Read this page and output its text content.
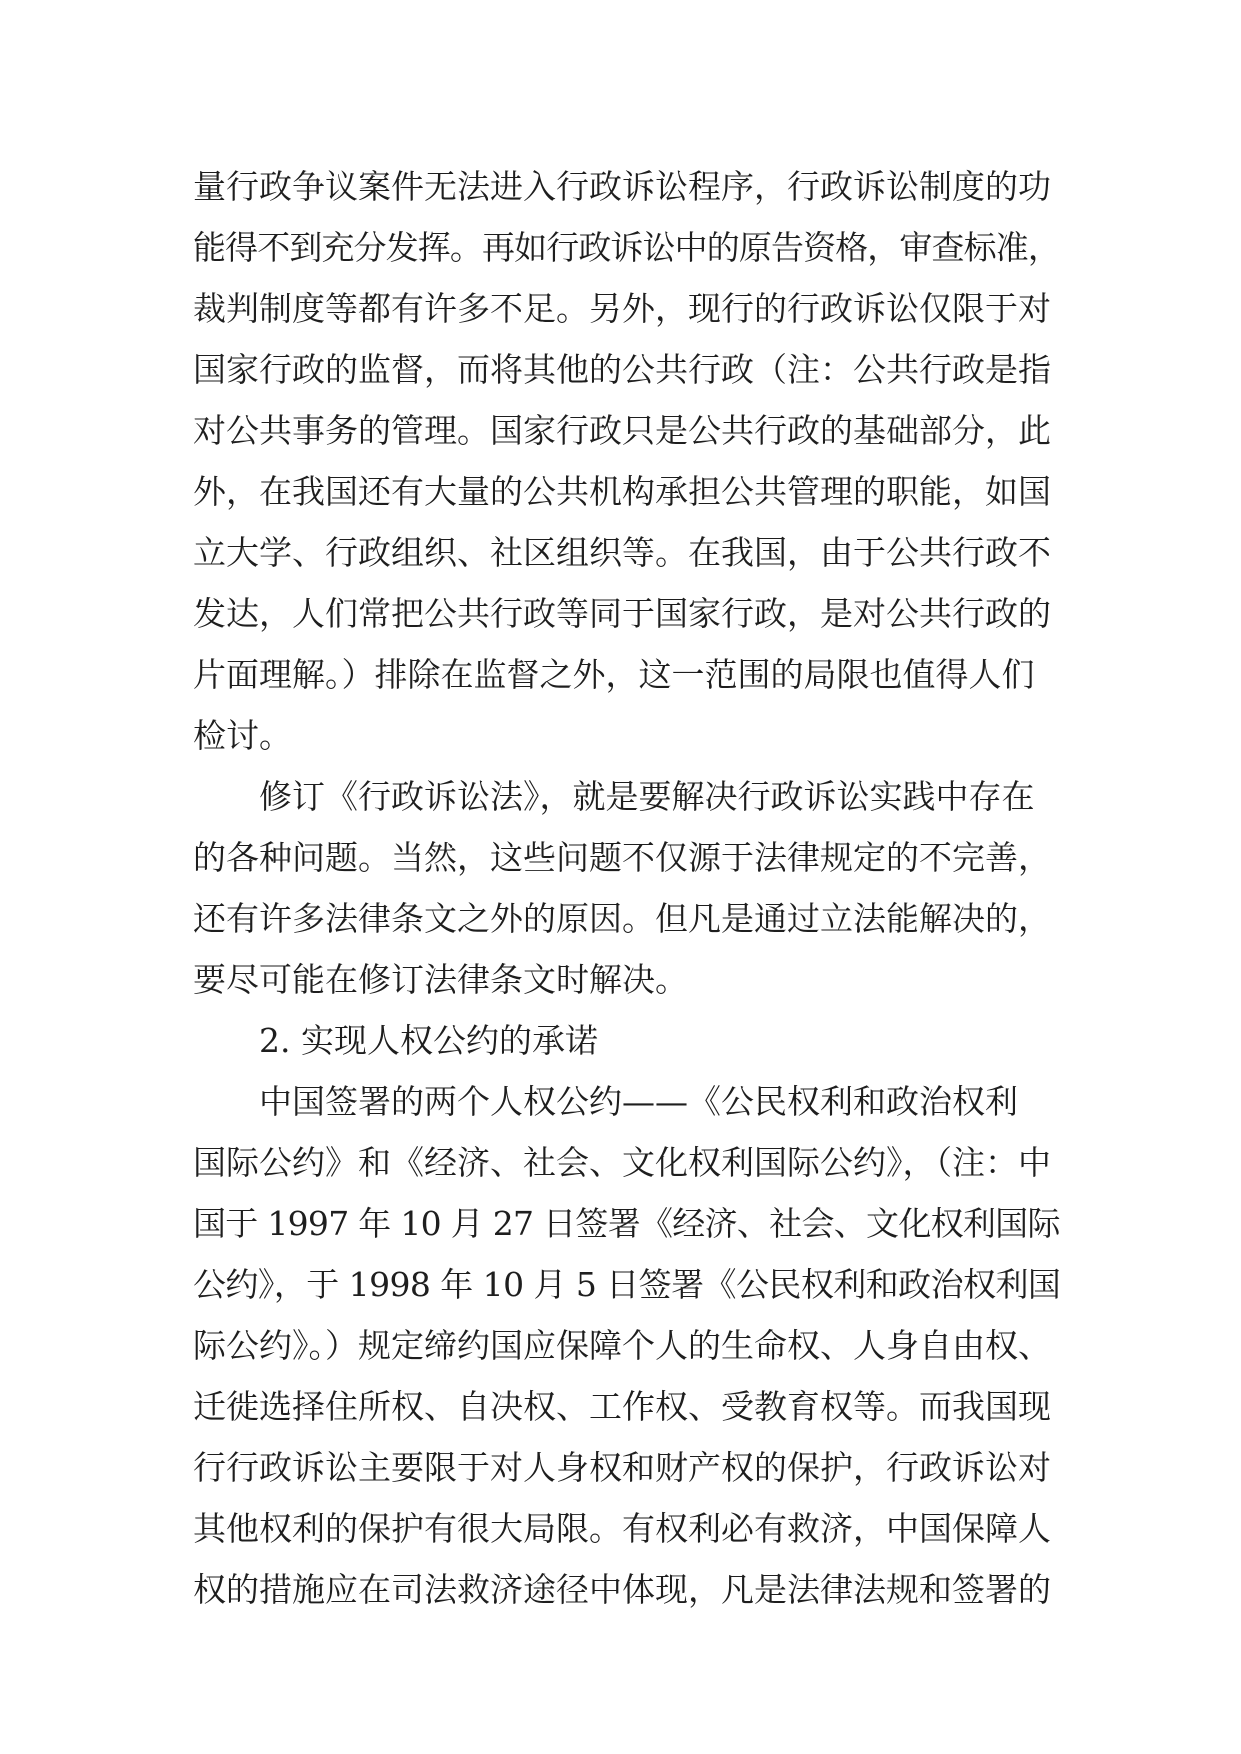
量行政争议案件无法进入行政诉讼程序，行政诉讼制度的功
能得不到充分发挥。再如行政诉讼中的原告资格，审查标准，
裁判制度等都有许多不足。另外，现行的行政诉讼仅限于对
国家行政的监督，而将其他的公共行政（注：公共行政是指
对公共事务的管理。国家行政只是公共行政的基础部分，此
外，在我国还有大量的公共机构承担公共管理的职能，如国
立大学、行政组织、社区组织等。在我国，由于公共行政不
发达，人们常把公共行政等同于国家行政，是对公共行政的
片面理解。）排除在监督之外，这一范围的局限也值得人们
检讨。
修订《行政诉讼法》，就是要解决行政诉讼实践中存在
的各种问题。当然，这些问题不仅源于法律规定的不完善，
还有许多法律条文之外的原因。但凡是通过立法能解决的，
要尽可能在修订法律条文时解决。
2. 实现人权公约的承诺
中国签署的两个人权公约——《公民权利和政治权利
国际公约》和《经济、社会、文化权利国际公约》，（注：中
国于 1997 年 10 月 27 日签署《经济、社会、文化权利国际
公约》，于 1998 年 10 月 5 日签署《公民权利和政治权利国
际公约》。）规定缔约国应保障个人的生命权、人身自由权、
迁徙选择住所权、自决权、工作权、受教育权等。而我国现
行行政诉讼主要限于对人身权和财产权的保护，行政诉讼对
其他权利的保护有很大局限。有权利必有救济，中国保障人
权的措施应在司法救济途径中体现，凡是法律法规和签署的
